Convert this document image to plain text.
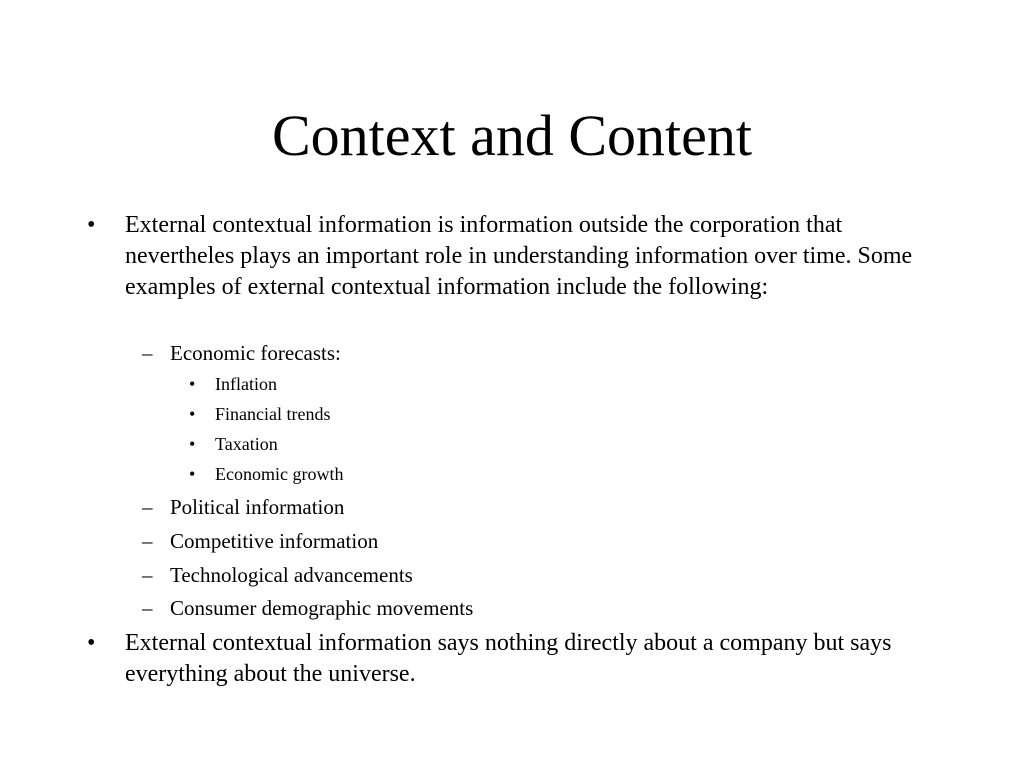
Context and Content
• External contextual information is information outside the corporation that nevertheles plays an important role in understanding information over time. Some examples of external contextual information include the following:
– Economic forecasts:
• Inflation
• Financial trends
• Taxation
• Economic growth
– Political information
– Competitive information
– Technological advancements
– Consumer demographic movements
• External contextual information says nothing directly about a company but says everything about the universe.
